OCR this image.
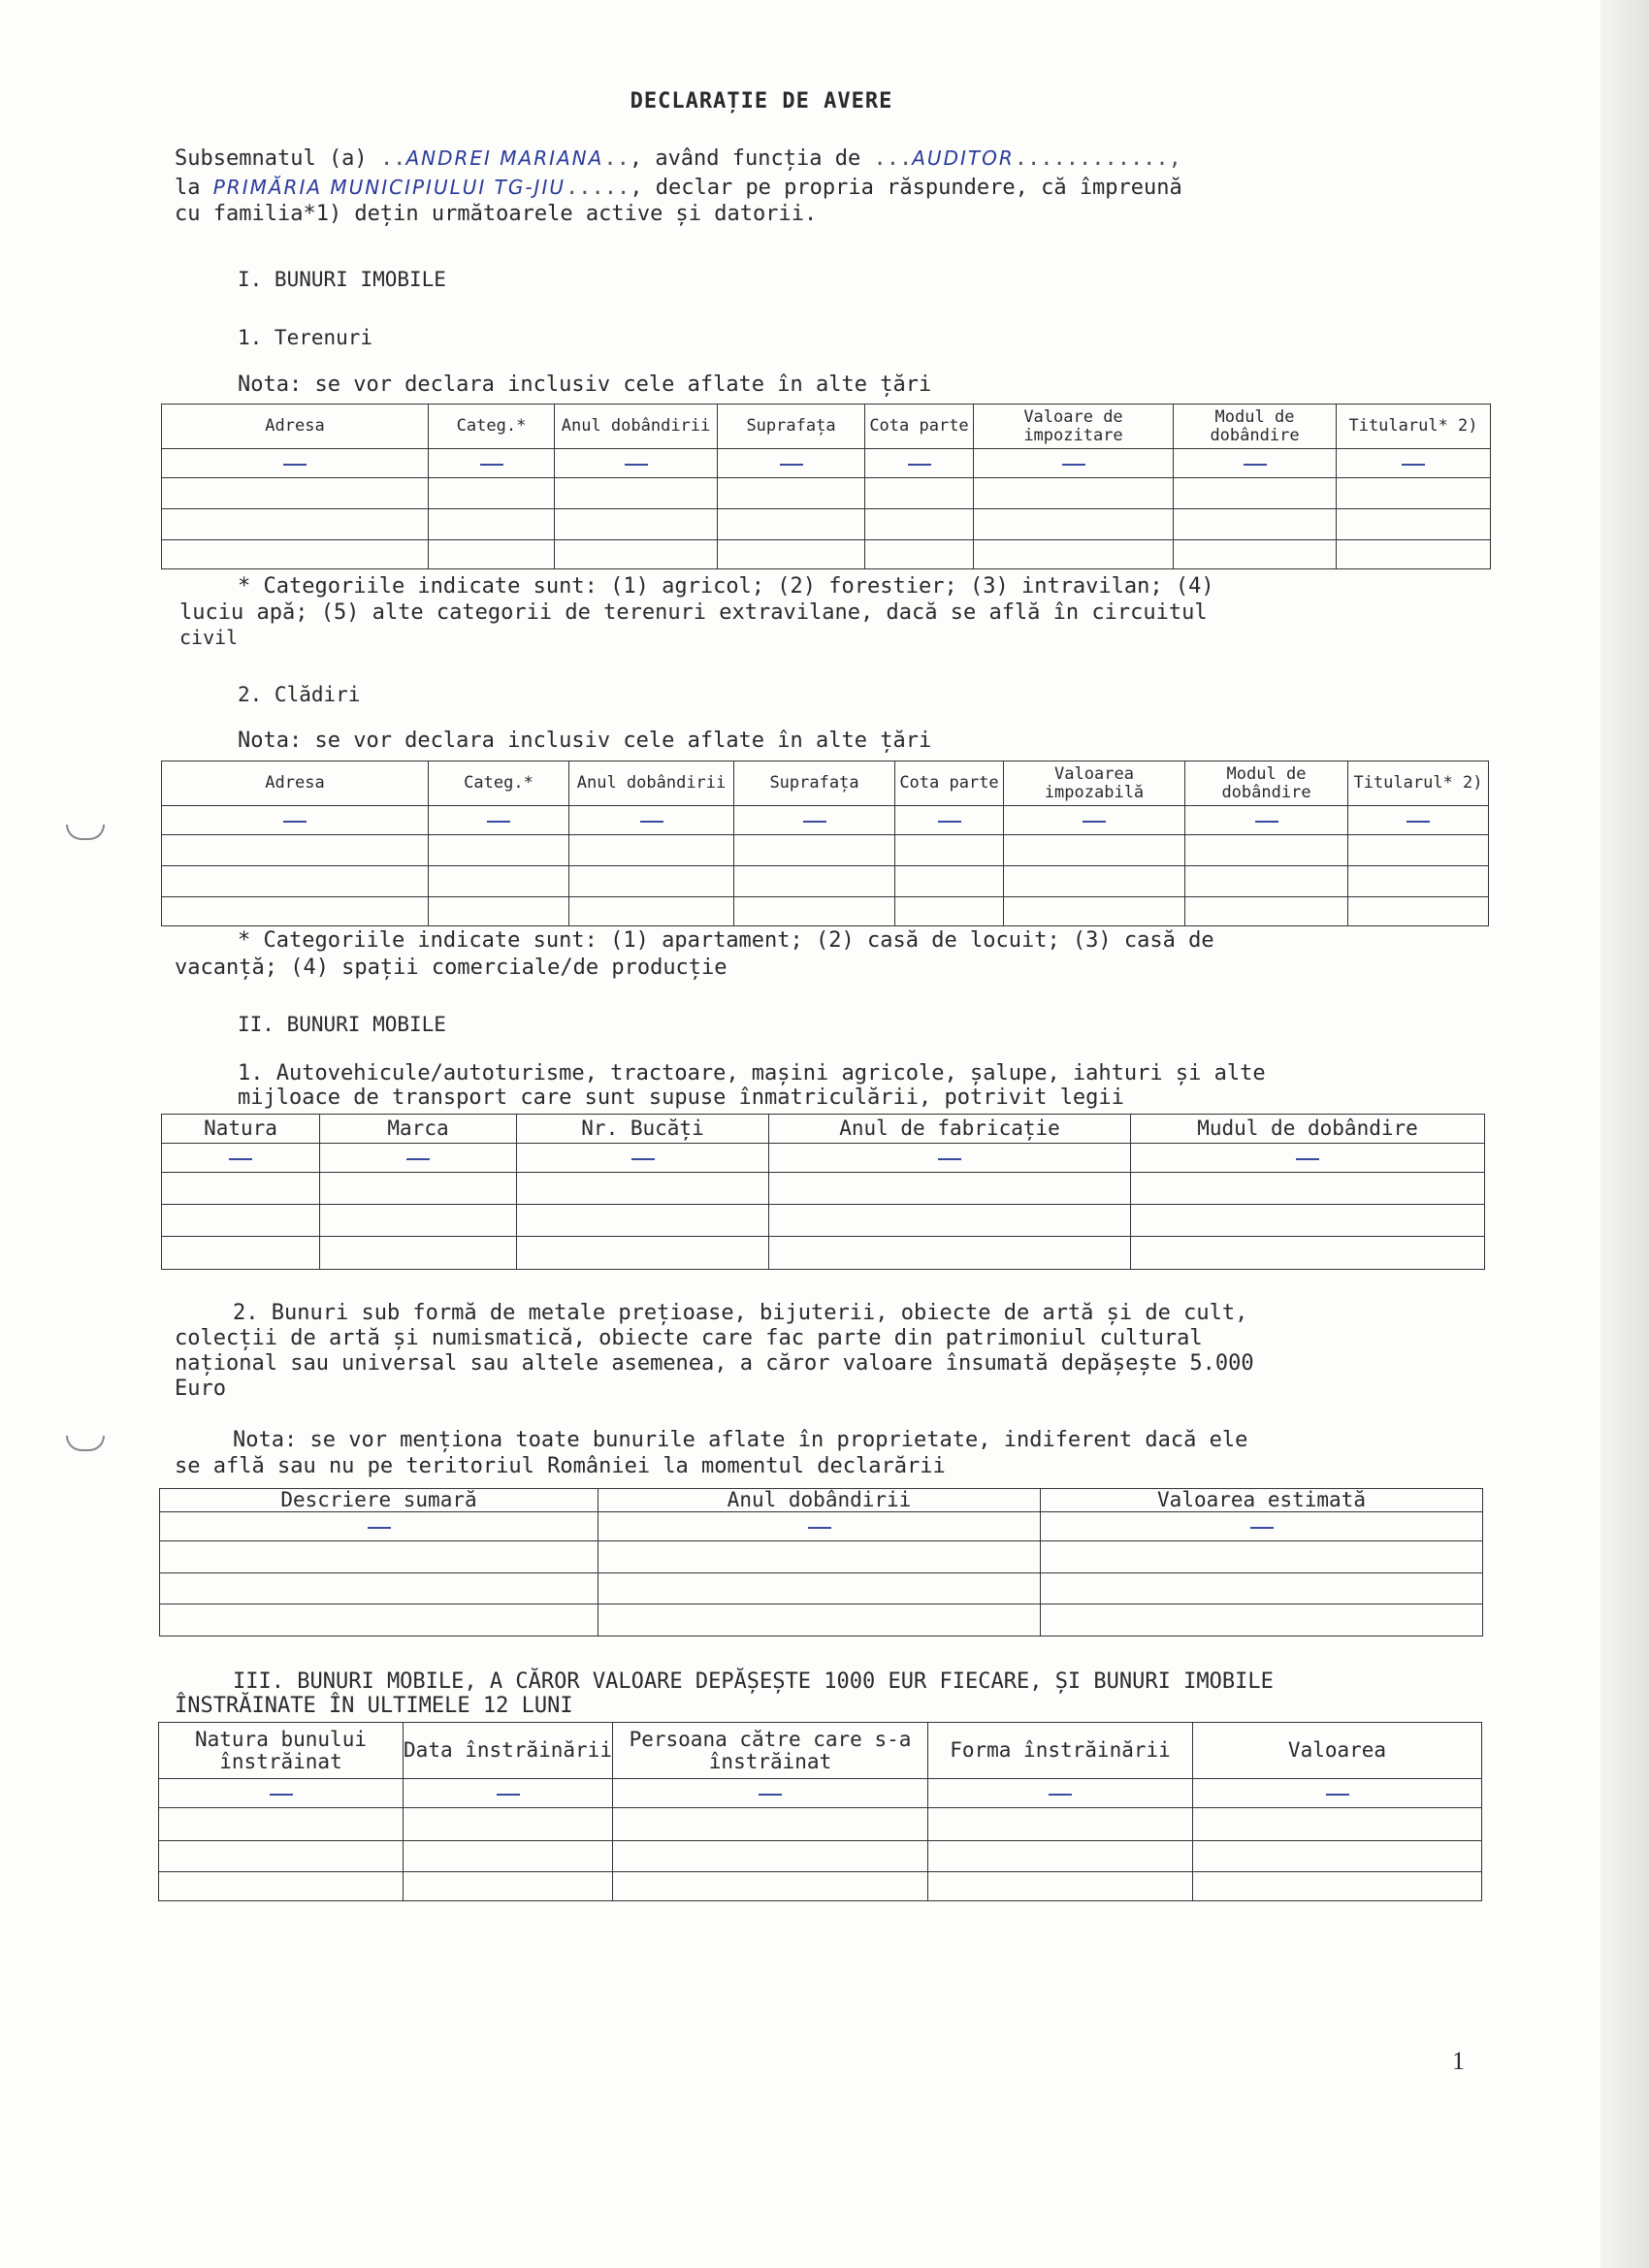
DECLARAȚIE DE AVERE
Subsemnatul (a) ..ANDREI MARIANA.., având funcția de ...AUDITOR............,
la PRIMĂRIA MUNICIPIULUI TG-JIU....., declar pe propria răspundere, că împreună
cu familia*1) dețin următoarele active și datorii.
I. BUNURI IMOBILE
1. Terenuri
Nota: se vor declara inclusiv cele aflate în alte țări
Adresa	Categ.*	Anul dobândirii	Suprafața	Cota parte	Valoare de impozitare	Modul de dobândire	Titularul* 2)

* Categoriile indicate sunt: (1) agricol; (2) forestier; (3) intravilan; (4)
luciu apă; (5) alte categorii de terenuri extravilane, dacă se află în circuitul
civil
2. Clădiri
Nota: se vor declara inclusiv cele aflate în alte țări
Adresa	Categ.*	Anul dobândirii	Suprafața	Cota parte	Valoarea impozabilă	Modul de dobândire	Titularul* 2)

* Categoriile indicate sunt: (1) apartament; (2) casă de locuit; (3) casă de
vacanță; (4) spații comerciale/de producție
II. BUNURI MOBILE
1. Autovehicule/autoturisme, tractoare, mașini agricole, șalupe, iahturi și alte
mijloace de transport care sunt supuse înmatriculării, potrivit legii
Natura	Marca	Nr. Bucăți	Anul de fabricație	Mudul de dobândire

2. Bunuri sub formă de metale prețioase, bijuterii, obiecte de artă și de cult,
colecții de artă și numismatică, obiecte care fac parte din patrimoniul cultural
național sau universal sau altele asemenea, a căror valoare însumată depășește 5.000
Euro
Nota: se vor menționa toate bunurile aflate în proprietate, indiferent dacă ele
se află sau nu pe teritoriul României la momentul declarării
Descriere sumară	Anul dobândirii	Valoarea estimată

III. BUNURI MOBILE, A CĂROR VALOARE DEPĂȘEȘTE 1000 EUR FIECARE, ȘI BUNURI IMOBILE
ÎNSTRĂINATE ÎN ULTIMELE 12 LUNI
Natura bunului înstrăinat	Data înstrăinării	Persoana către care s-a înstrăinat	Forma înstrăinării	Valoarea

1
